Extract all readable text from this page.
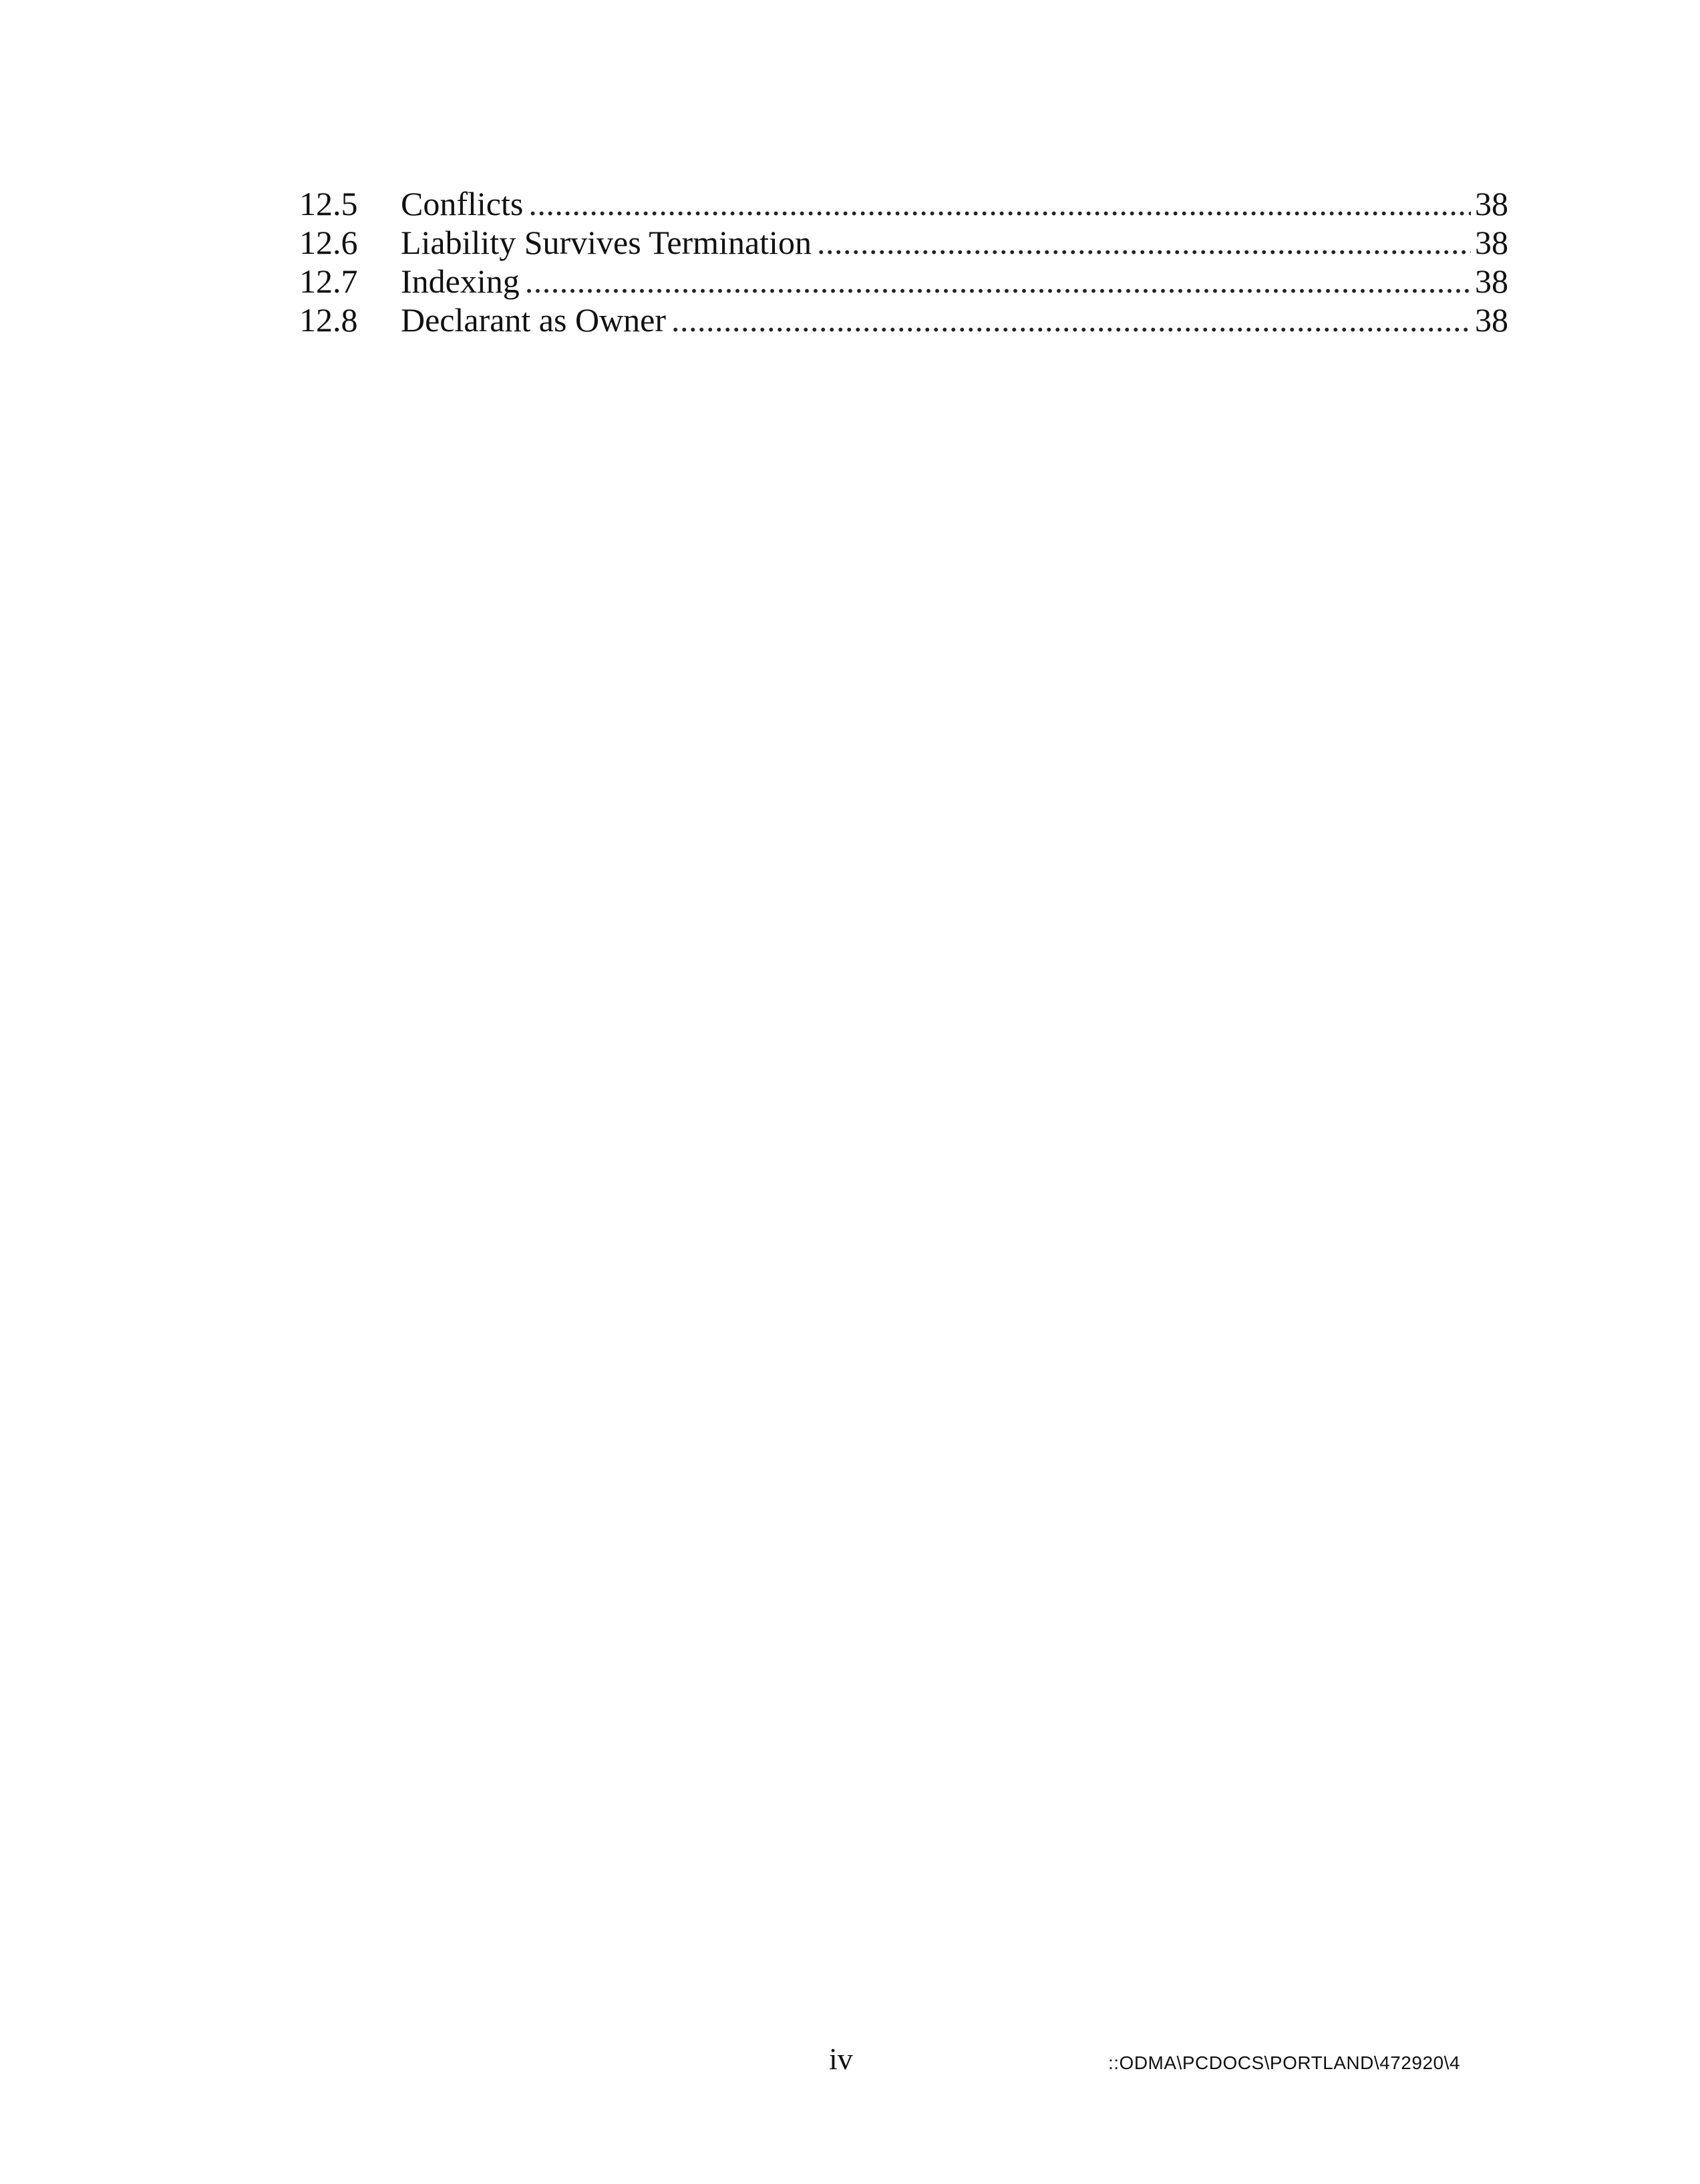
12.5	Conflicts . . .	38
12.6	Liability Survives Termination . . .	38
12.7	Indexing . . .	38
12.8	Declarant as Owner . . .	38
iv	::ODMA\PCDOCS\PORTLAND\472920\4
